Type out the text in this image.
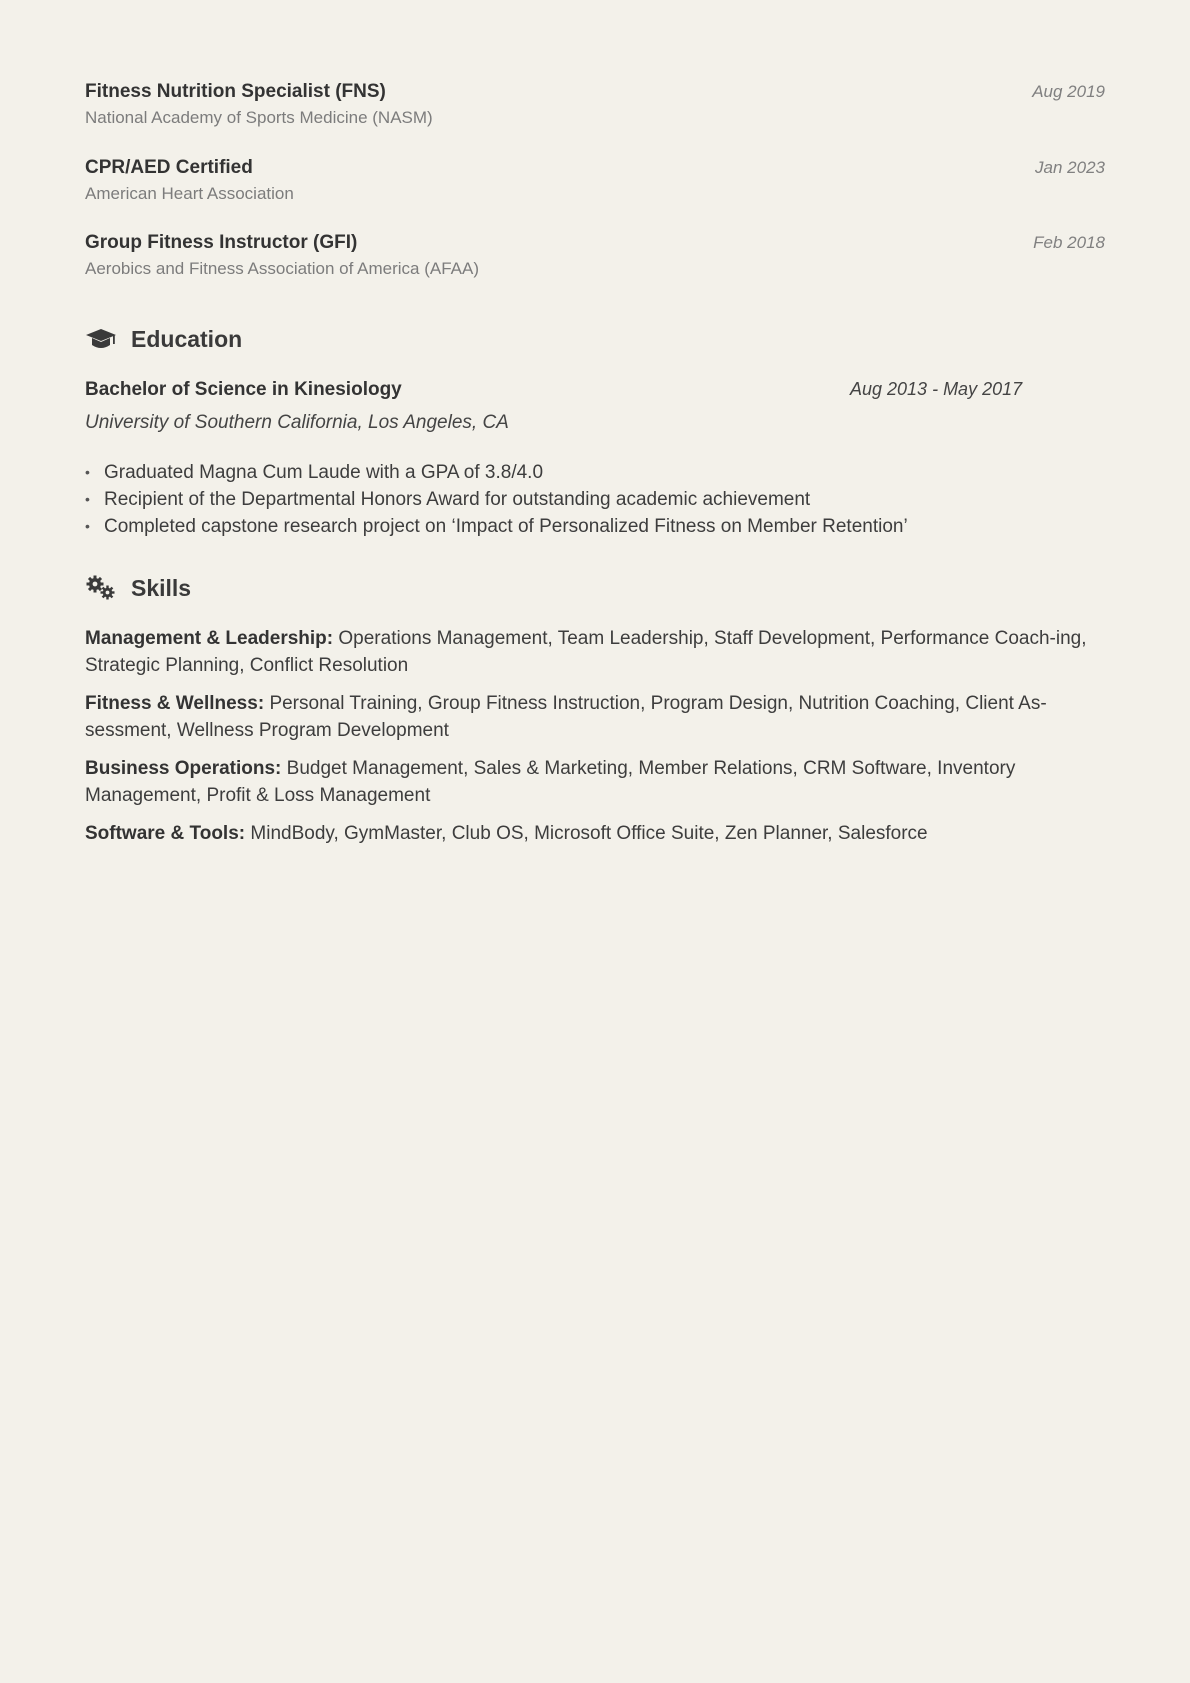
Fitness Nutrition Specialist (FNS)
National Academy of Sports Medicine (NASM)
Aug 2019
CPR/AED Certified
American Heart Association
Jan 2023
Group Fitness Instructor (GFI)
Aerobics and Fitness Association of America (AFAA)
Feb 2018
Education
Bachelor of Science in Kinesiology	Aug 2013 - May 2017
University of Southern California, Los Angeles, CA
• Graduated Magna Cum Laude with a GPA of 3.8/4.0
• Recipient of the Departmental Honors Award for outstanding academic achievement
• Completed capstone research project on ‘Impact of Personalized Fitness on Member Retention’
Skills
Management & Leadership: Operations Management, Team Leadership, Staff Development, Performance Coach-ing, Strategic Planning, Conflict Resolution
Fitness & Wellness: Personal Training, Group Fitness Instruction, Program Design, Nutrition Coaching, Client As-sessment, Wellness Program Development
Business Operations: Budget Management, Sales & Marketing, Member Relations, CRM Software, Inventory Management, Profit & Loss Management
Software & Tools: MindBody, GymMaster, Club OS, Microsoft Office Suite, Zen Planner, Salesforce
